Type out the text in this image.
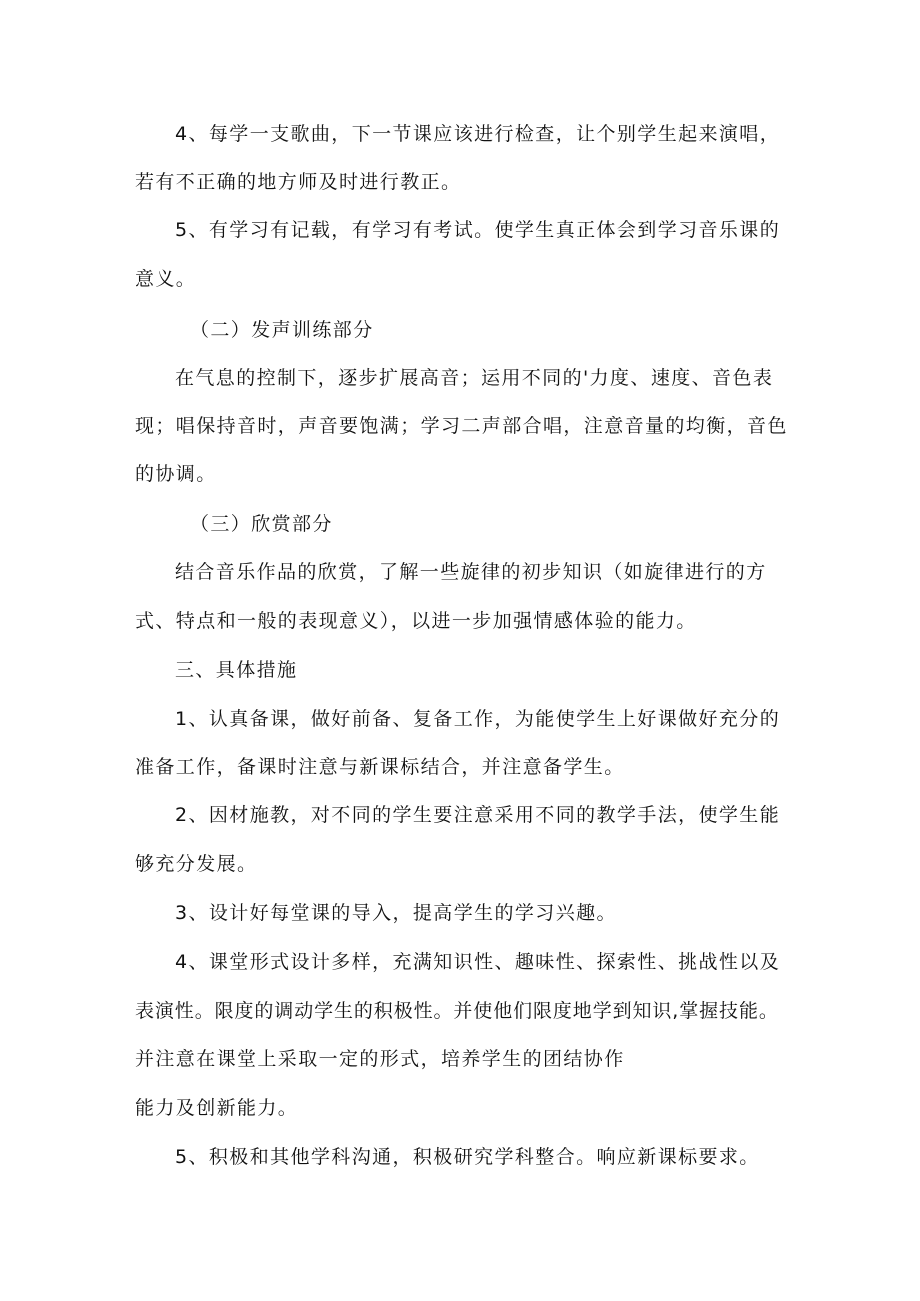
4、每学一支歌曲，下一节课应该进行检查，让个别学生起来演唱，
若有不正确的地方师及时进行教正。
5、有学习有记载，有学习有考试。使学生真正体会到学习音乐课的
意义。
（二）发声训练部分
在气息的控制下，逐步扩展高音；运用不同的'力度、速度、音色表
现；唱保持音时，声音要饱满；学习二声部合唱，注意音量的均衡，音色
的协调。
（三）欣赏部分
结合音乐作品的欣赏，了解一些旋律的初步知识（如旋律进行的方
式、特点和一般的表现意义），以进一步加强情感体验的能力。
三、具体措施
1、认真备课，做好前备、复备工作，为能使学生上好课做好充分的
准备工作，备课时注意与新课标结合，并注意备学生。
2、因材施教，对不同的学生要注意采用不同的教学手法，使学生能
够充分发展。
3、设计好每堂课的导入，提高学生的学习兴趣。
4、课堂形式设计多样，充满知识性、趣味性、探索性、挑战性以及
表演性。限度的调动学生的积极性。并使他们限度地学到知识,掌握技能。
并注意在课堂上采取一定的形式，培养学生的团结协作
能力及创新能力。
5、积极和其他学科沟通，积极研究学科整合。响应新课标要求。
